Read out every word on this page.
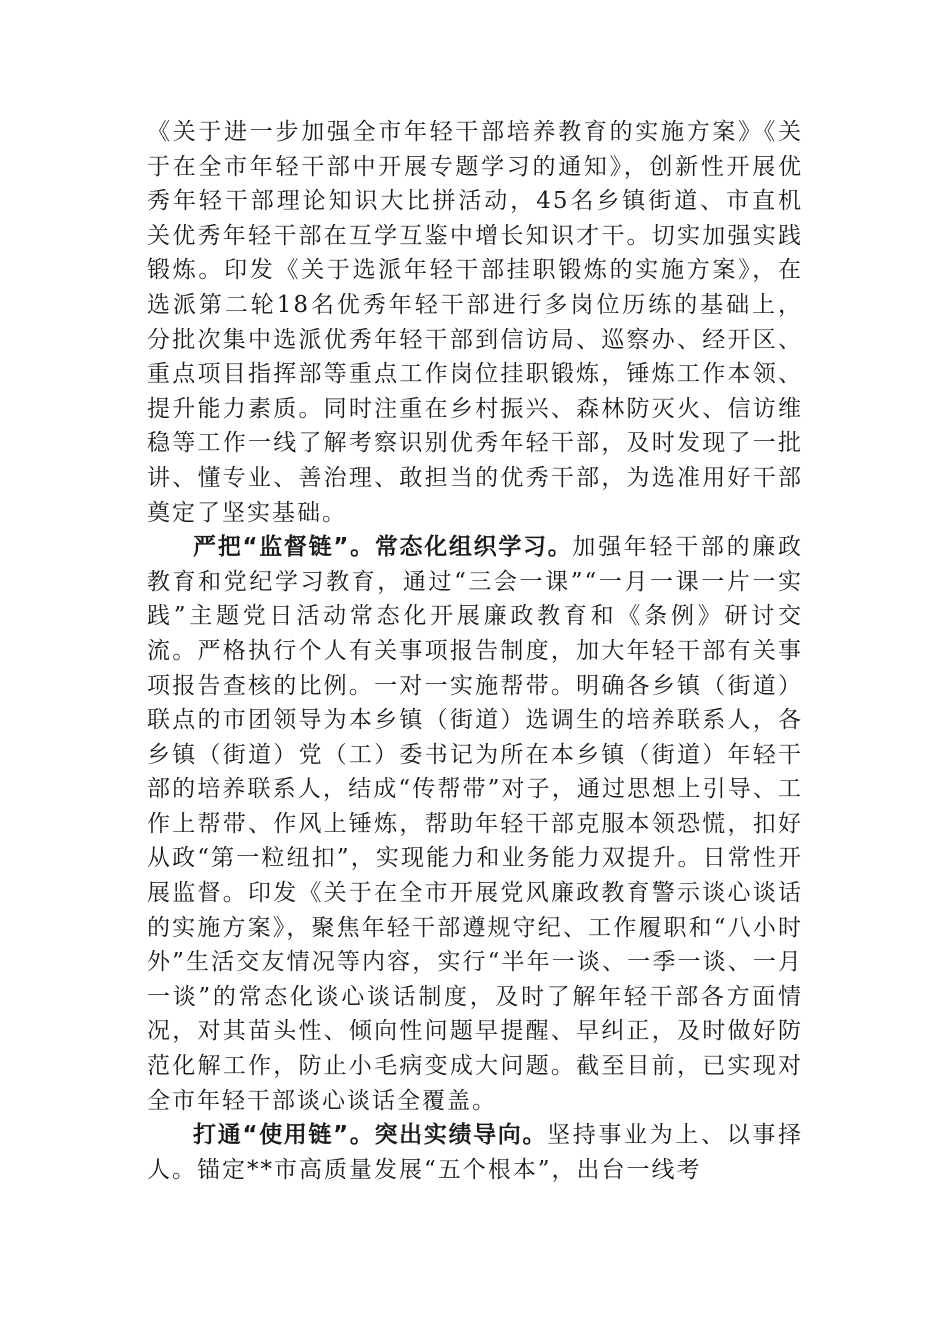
《关于进一步加强全市年轻干部培养教育的实施方案》《关于在全市年轻干部中开展专题学习的通知》，创新性开展优秀年轻干部理论知识大比拼活动，45名乡镇街道、市直机关优秀年轻干部在互学互鉴中增长知识才干。切实加强实践锻炼。印发《关于选派年轻干部挂职锻炼的实施方案》，在选派第二轮18名优秀年轻干部进行多岗位历练的基础上，分批次集中选派优秀年轻干部到信访局、巡察办、经开区、重点项目指挥部等重点工作岗位挂职锻炼，锤炼工作本领、提升能力素质。同时注重在乡村振兴、森林防灭火、信访维稳等工作一线了解考察识别优秀年轻干部，及时发现了一批讲、懂专业、善治理、敢担当的优秀干部，为选准用好干部奠定了坚实基础。

严把“监督链”。常态化组织学习。加强年轻干部的廉政教育和党纪学习教育，通过“三会一课”“一月一课一片一实践”主题党日活动常态化开展廉政教育和《条例》研讨交流。严格执行个人有关事项报告制度，加大年轻干部有关事项报告查核的比例。一对一实施帮带。明确各乡镇（街道）联点的市团领导为本乡镇（街道）选调生的培养联系人，各乡镇（街道）党（工）委书记为所在本乡镇（街道）年轻干部的培养联系人，结成“传帮带”对子，通过思想上引导、工作上帮带、作风上锤炼，帮助年轻干部克服本领恐慌，扣好从政“第一粒纽扣”，实现能力和业务能力双提升。日常性开展监督。印发《关于在全市开展党风廉政教育警示谈心谈话的实施方案》，聚焦年轻干部遵规守纪、工作履职和“八小时外”生活交友情况等内容，实行“半年一谈、一季一谈、一月一谈”的常态化谈心谈话制度，及时了解年轻干部各方面情况，对其苗头性、倾向性问题早提醒、早纠正，及时做好防范化解工作，防止小毛病变成大问题。截至目前，已实现对全市年轻干部谈心谈话全覆盖。

打通“使用链”。突出实绩导向。坚持事业为上、以事择人。锚定**市高质量发展“五个根本”，出台一线考
